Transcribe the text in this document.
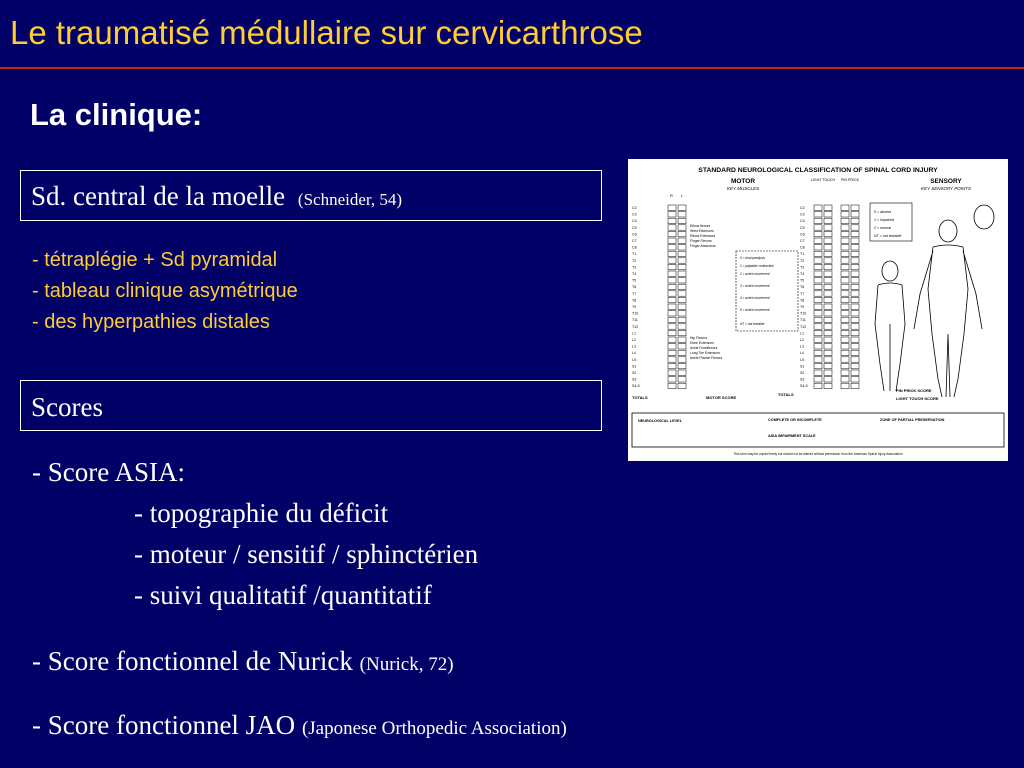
Le traumatisé médullaire sur cervicarthrose
La clinique:
Sd. central de la moelle (Schneider, 54)
- tétraplégie + Sd pyramidal
- tableau clinique asymétrique
- des hyperpathies distales
Scores
- Score ASIA:
- topographie du déficit
- moteur / sensitif / sphinctérien
- suivi qualitatif /quantitatif
- Score fonctionnel de Nurick (Nurick, 72)
- Score fonctionnel JAO (Japonese Orthopedic Association)
STANDARD NEUROLOGICAL CLASSIFICATION OF SPINAL CORD INJURY
MOTOR
KEY MUSCLES
LIGHT TOUCH PIN PRICK	SENSORY
KEY SENSORY POINTS
R L
Elbow flexors
Wrist Extensors
Elbow Extensors
Finger Flexors
Finger Abductors
Hip Flexors
Knee Extensors
Ankle Dorsiflexors
Long Toe Extensors
Ankle Plantar Flexors
0 = total paralysis
1 = palpable contraction
2 = active movement
3 = active movement
4 = active movement
5 = active movement
NT = not testable
0 = absent
1 = impaired
2 = normal
NT = not testable
TOTALS	MOTOR SCORE
TOTALS
PIN PRICK SCORE
LIGHT TOUCH SCORE
NEUROLOGICAL LEVEL	COMPLETE OR INCOMPLETE
ASIA IMPAIRMENT SCALE
ZONE OF PARTIAL PRESERVATION
This form may be copied freely but should not be altered without permission from the American Spinal Injury Association
C2	C2
C3	C3
C4	C4
C5	C5
C6	C6
C7	C7
C8	C8
T1	T1
T2	T2
T3	T3
T4	T4
T5	T5
T6	T6
T7	T7
T8	T8
T9	T9
T10	T10
T11	T11
T12	T12
L1	L1
L2	L2
L3	L3
L4	L4
L5	L5
S1	S1
S2	S2
S3	S3
S4-5	S4-5
